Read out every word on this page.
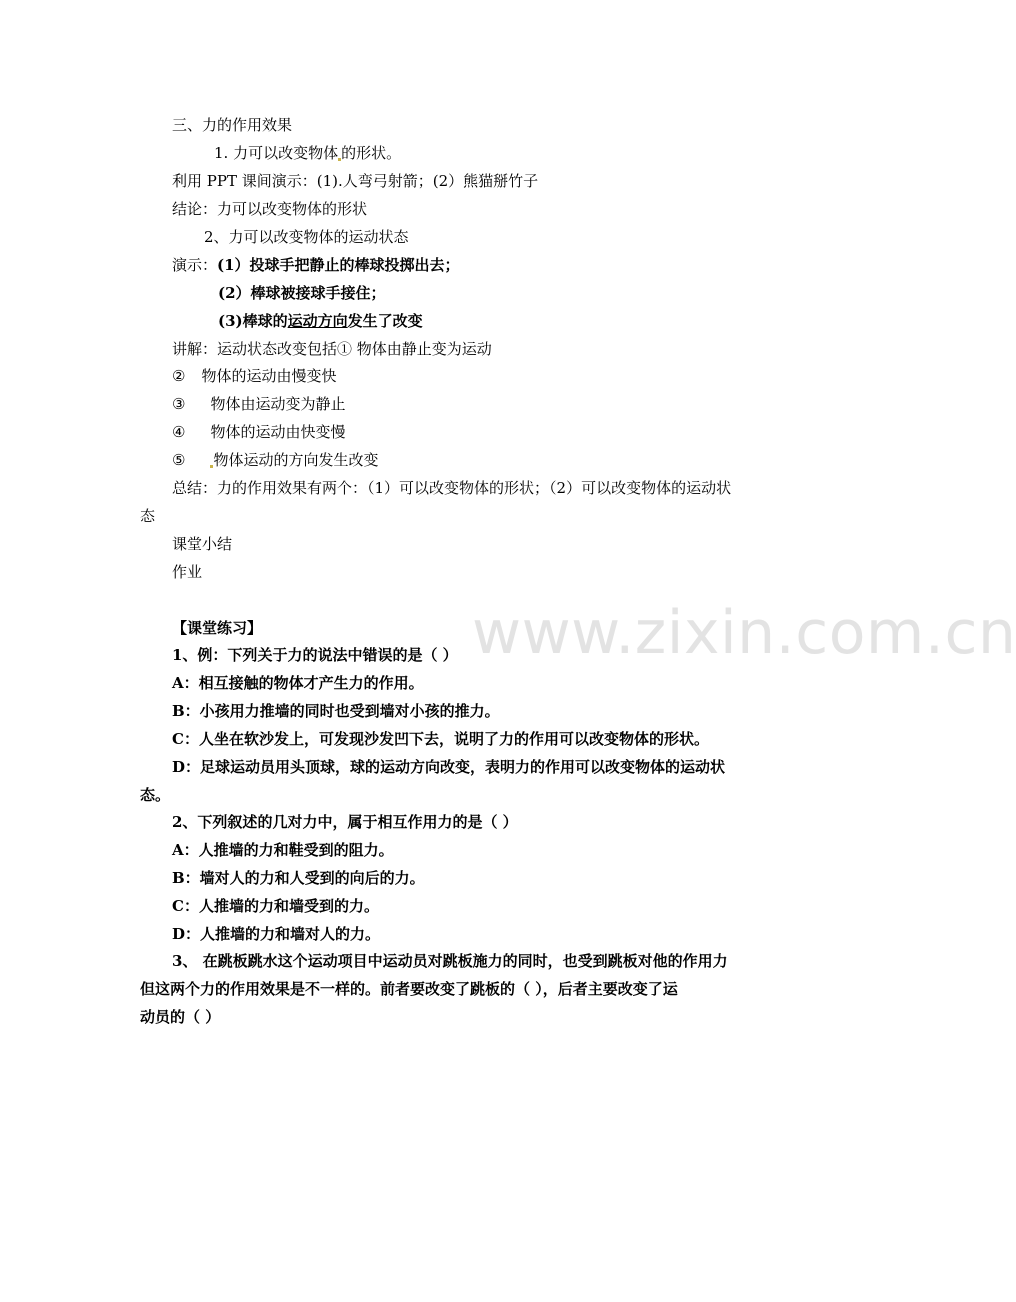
www.zixin.com.cn
三、力的作用效果
1. 力可以改变物体 的形状。
利用 PPT 课间演示：(1).人弯弓射箭；(2）熊猫掰竹子
结论：力可以改变物体的形状
2、力可以改变物体的运动状态
演示：(1）投球手把静止的棒球投掷出去；
(2）棒球被接球手接住；
(3)棒球的运动方向发生了改变
讲解：运动状态改变包括① 物体由静止变为运动
② 物体的运动由慢变快
③ 物体由运动变为静止
④ 物体的运动由快变慢
⑤ 物体运动的方向发生改变
总结：力的作用效果有两个：（1）可以改变物体的形状；（2）可以改变物体的运动状
态
课堂小结
作业
【课堂练习】
1、例：下列关于力的说法中错误的是（ ）
A：相互接触的物体才产生力的作用。
B：小孩用力推墙的同时也受到墙对小孩的推力。
C：人坐在软沙发上，可发现沙发凹下去，说明了力的作用可以改变物体的形状。
D：足球运动员用头顶球，球的运动方向改变，表明力的作用可以改变物体的运动状
态。
2、下列叙述的几对力中，属于相互作用力的是（ ）
A：人推墙的力和鞋受到的阻力。
B：墙对人的力和人受到的向后的力。
C：人推墙的力和墙受到的力。
D：人推墙的力和墙对人的力。
3、 在跳板跳水这个运动项目中运动员对跳板施力的同时，也受到跳板对他的作用力
但这两个力的作用效果是不一样的。前者要改变了跳板的（ ），后者主要改变了运
动员的（ ）
